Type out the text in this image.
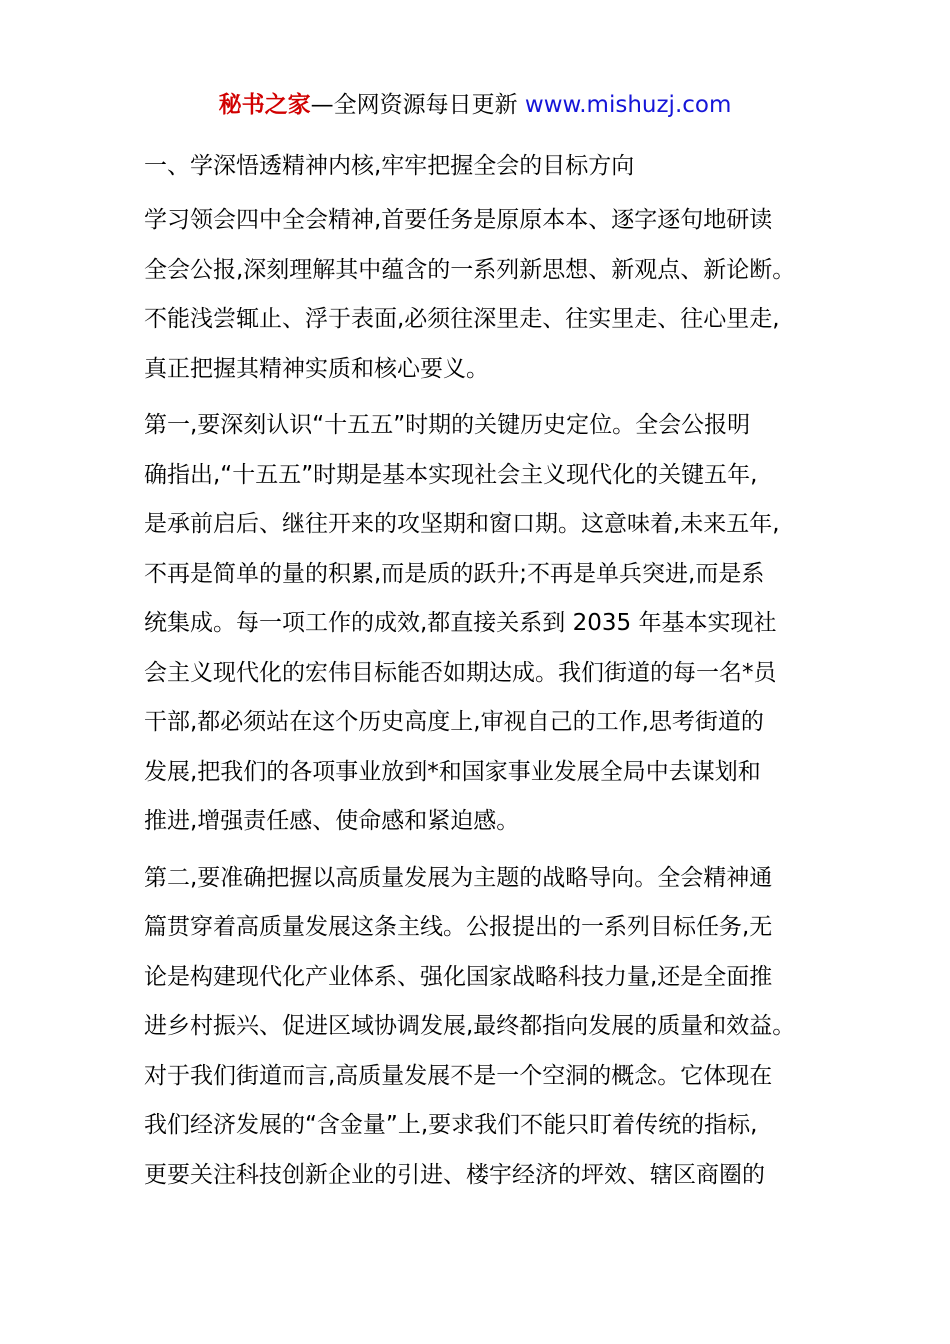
秘书之家—全网资源每日更新 www.mishuzj.com
一、学深悟透精神内核,牢牢把握全会的目标方向
学习领会四中全会精神,首要任务是原原本本、逐字逐句地研读
全会公报,深刻理解其中蕴含的一系列新思想、新观点、新论断。
不能浅尝辄止、浮于表面,必须往深里走、往实里走、往心里走,
真正把握其精神实质和核心要义。
第一,要深刻认识“十五五”时期的关键历史定位。全会公报明
确指出,“十五五”时期是基本实现社会主义现代化的关键五年,
是承前启后、继往开来的攻坚期和窗口期。这意味着,未来五年,
不再是简单的量的积累,而是质的跃升;不再是单兵突进,而是系
统集成。每一项工作的成效,都直接关系到 2035 年基本实现社
会主义现代化的宏伟目标能否如期达成。我们街道的每一名*员
干部,都必须站在这个历史高度上,审视自己的工作,思考街道的
发展,把我们的各项事业放到*和国家事业发展全局中去谋划和
推进,增强责任感、使命感和紧迫感。
第二,要准确把握以高质量发展为主题的战略导向。全会精神通
篇贯穿着高质量发展这条主线。公报提出的一系列目标任务,无
论是构建现代化产业体系、强化国家战略科技力量,还是全面推
进乡村振兴、促进区域协调发展,最终都指向发展的质量和效益。
对于我们街道而言,高质量发展不是一个空洞的概念。它体现在
我们经济发展的“含金量”上,要求我们不能只盯着传统的指标,
更要关注科技创新企业的引进、楼宇经济的坪效、辖区商圈的
